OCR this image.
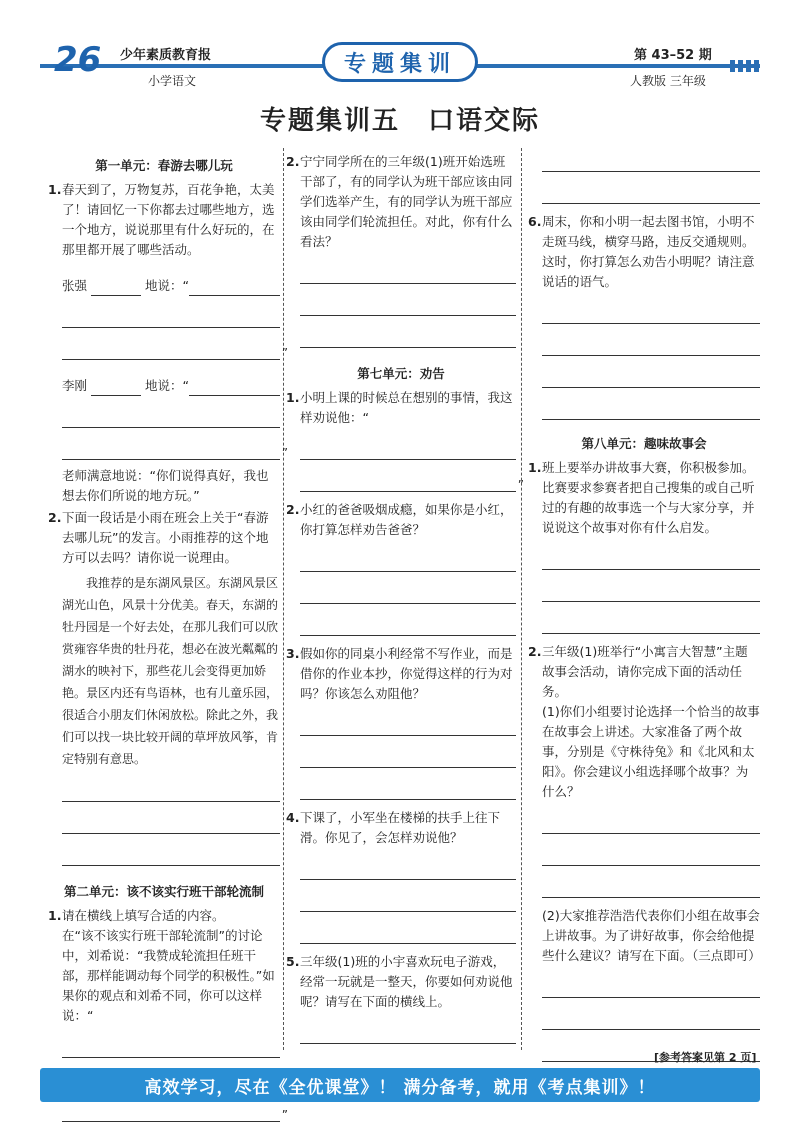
26 少年素质教育报
小学语文
专题集训	第 43–52 期
人教版 三年级
专题集训五　口语交际
第一单元：春游去哪儿玩
1. 春天到了，万物复苏，百花争艳，太美了！请回忆一下你都去过哪些地方，选一个地方，说说那里有什么好玩的，在那里都开展了哪些活动。
张强	地说：“
”
李刚	地说：“
”
老师满意地说：“你们说得真好，我也想去你们所说的地方玩。”
2. 下面一段话是小雨在班会上关于“春游去哪儿玩”的发言。小雨推荐的这个地方可以去吗？请你说一说理由。
我推荐的是东湖风景区。东湖风景区湖光山色，风景十分优美。春天，东湖的牡丹园是一个好去处，在那儿我们可以欣赏雍容华贵的牡丹花，想必在波光粼粼的湖水的映衬下，那些花儿会变得更加娇艳。景区内还有鸟语林，也有儿童乐园，很适合小朋友们休闲放松。除此之外，我们可以找一块比较开阔的草坪放风筝，肯定特别有意思。
第二单元：该不该实行班干部轮流制
1. 请在横线上填写合适的内容。
在“该不该实行班干部轮流制”的讨论中，刘希说：“我赞成轮流担任班干部，那样能调动每个同学的积极性。”如果你的观点和刘希不同，你可以这样说：“
”
2. 宁宁同学所在的三年级(1)班开始选班干部了，有的同学认为班干部应该由同学们选举产生，有的同学认为班干部应该由同学们轮流担任。对此，你有什么看法？
第七单元：劝告
1. 小明上课的时候总在想别的事情，我这样劝说他：“
”
2. 小红的爸爸吸烟成瘾，如果你是小红，你打算怎样劝告爸爸？
3. 假如你的同桌小利经常不写作业，而是借你的作业本抄，你觉得这样的行为对吗？你该怎么劝阻他？
4. 下课了，小军坐在楼梯的扶手上往下滑。你见了，会怎样劝说他？
5. 三年级(1)班的小宇喜欢玩电子游戏，经常一玩就是一整天，你要如何劝说他呢？请写在下面的横线上。
6. 周末，你和小明一起去图书馆，小明不走斑马线，横穿马路，违反交通规则。这时，你打算怎么劝告小明呢？请注意说话的语气。
第八单元：趣味故事会
1. 班上要举办讲故事大赛，你积极参加。比赛要求参赛者把自己搜集的或自己听过的有趣的故事选一个与大家分享，并说说这个故事对你有什么启发。
2. 三年级(1)班举行“小寓言大智慧”主题故事会活动，请你完成下面的活动任务。
(1)你们小组要讨论选择一个恰当的故事在故事会上讲述。大家准备了两个故事，分别是《守株待兔》和《北风和太阳》。你会建议小组选择哪个故事？为什么？
(2)大家推荐浩浩代表你们小组在故事会上讲故事。为了讲好故事，你会给他提些什么建议？请写在下面。（三点即可）
[参考答案见第 2 页]
高效学习，尽在《全优课堂》！ 满分备考，就用《考点集训》！
